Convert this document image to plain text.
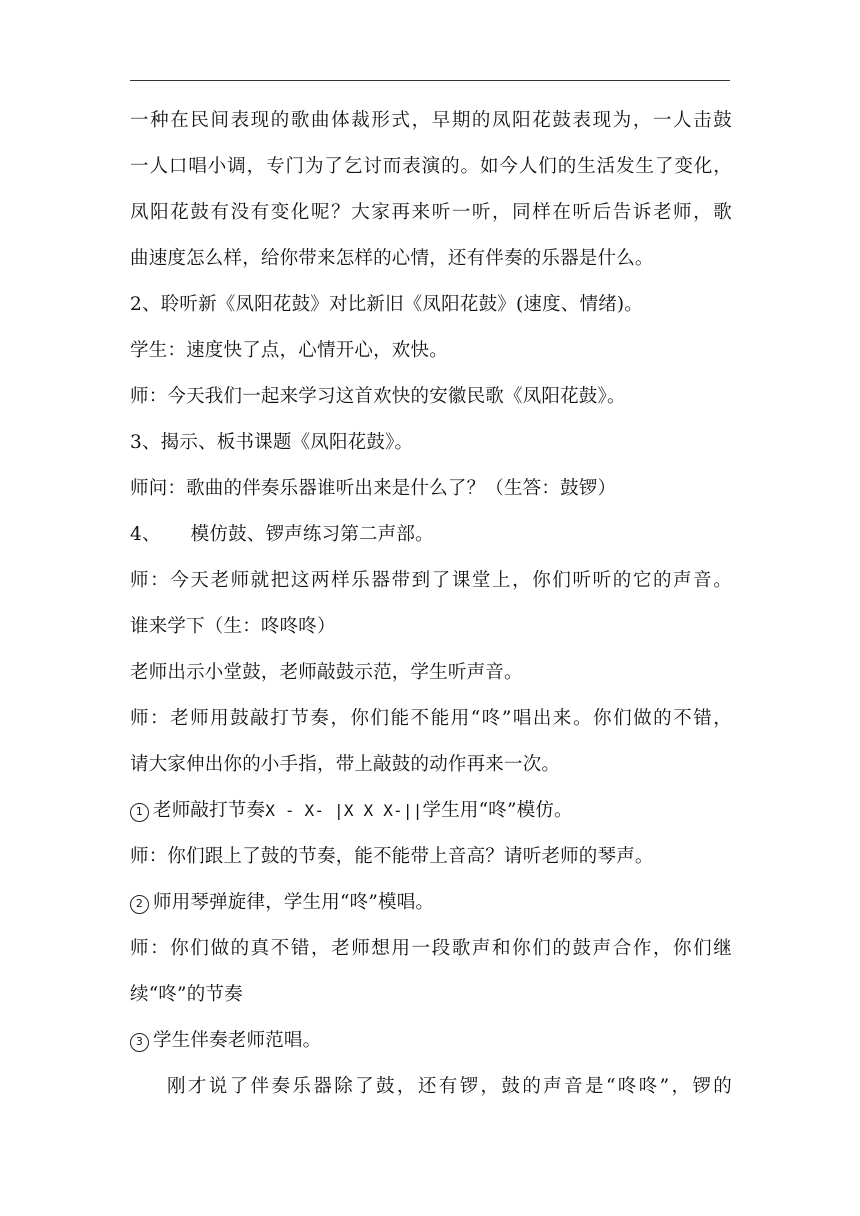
一种在民间表现的歌曲体裁形式，早期的凤阳花鼓表现为，一人击鼓
一人口唱小调，专门为了乞讨而表演的。如今人们的生活发生了变化，
凤阳花鼓有没有变化呢？大家再来听一听，同样在听后告诉老师，歌
曲速度怎么样，给你带来怎样的心情，还有伴奏的乐器是什么。
2、聆听新《凤阳花鼓》对比新旧《凤阳花鼓》(速度、情绪)。
学生：速度快了点，心情开心，欢快。
师：今天我们一起来学习这首欢快的安徽民歌《凤阳花鼓》。
3、揭示、板书课题《凤阳花鼓》。
师问：歌曲的伴奏乐器谁听出来是什么了？（生答：鼓锣）
4、 模仿鼓、锣声练习第二声部。
师：今天老师就把这两样乐器带到了课堂上，你们听听的它的声音。
谁来学下（生：咚咚咚）
老师出示小堂鼓，老师敲鼓示范，学生听声音。
师：老师用鼓敲打节奏，你们能不能用“咚”唱出来。你们做的不错，
请大家伸出你的小手指，带上敲鼓的动作再来一次。
1 老师敲打节奏X - X- |X X X-||学生用“咚”模仿。
师：你们跟上了鼓的节奏，能不能带上音高？请听老师的琴声。
2 师用琴弹旋律，学生用“咚”模唱。
师：你们做的真不错，老师想用一段歌声和你们的鼓声合作，你们继
续“咚”的节奏
3 学生伴奏老师范唱。
刚才说了伴奏乐器除了鼓，还有锣，鼓的声音是“咚咚”，锣的
